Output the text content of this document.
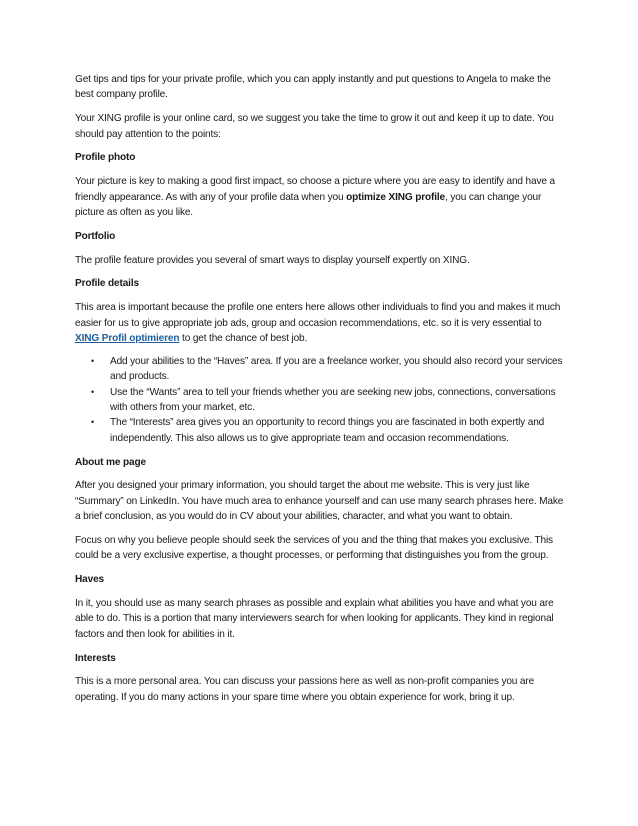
Get tips and tips for your private profile, which you can apply instantly and put questions to Angela to make the best company profile.

Your XING profile is your online card, so we suggest you take the time to grow it out and keep it up to date. You should pay attention to the points:

Profile photo

Your picture is key to making a good first impact, so choose a picture where you are easy to identify and have a friendly appearance. As with any of your profile data when you optimize XING profile, you can change your picture as often as you like.

Portfolio

The profile feature provides you several of smart ways to display yourself expertly on XING.

Profile details

This area is important because the profile one enters here allows other individuals to find you and makes it much easier for us to give appropriate job ads, group and occasion recommendations, etc. so it is very essential to XING Profil optimieren to get the chance of best job.

• Add your abilities to the “Haves” area. If you are a freelance worker, you should also record your services and products.
• Use the “Wants” area to tell your friends whether you are seeking new jobs, connections, conversations with others from your market, etc.
• The “Interests” area gives you an opportunity to record things you are fascinated in both expertly and independently. This also allows us to give appropriate team and occasion recommendations.
About me page

After you designed your primary information, you should target the about me website. This is very just like “Summary” on LinkedIn. You have much area to enhance yourself and can use many search phrases here. Make a brief conclusion, as you would do in CV about your abilities, character, and what you want to obtain.

Focus on why you believe people should seek the services of you and the thing that makes you exclusive. This could be a very exclusive expertise, a thought processes, or performing that distinguishes you from the group.

Haves

In it, you should use as many search phrases as possible and explain what abilities you have and what you are able to do. This is a portion that many interviewers search for when looking for applicants. They kind in regional factors and then look for abilities in it.

Interests

This is a more personal area. You can discuss your passions here as well as non-profit companies you are operating. If you do many actions in your spare time where you obtain experience for work, bring it up.
